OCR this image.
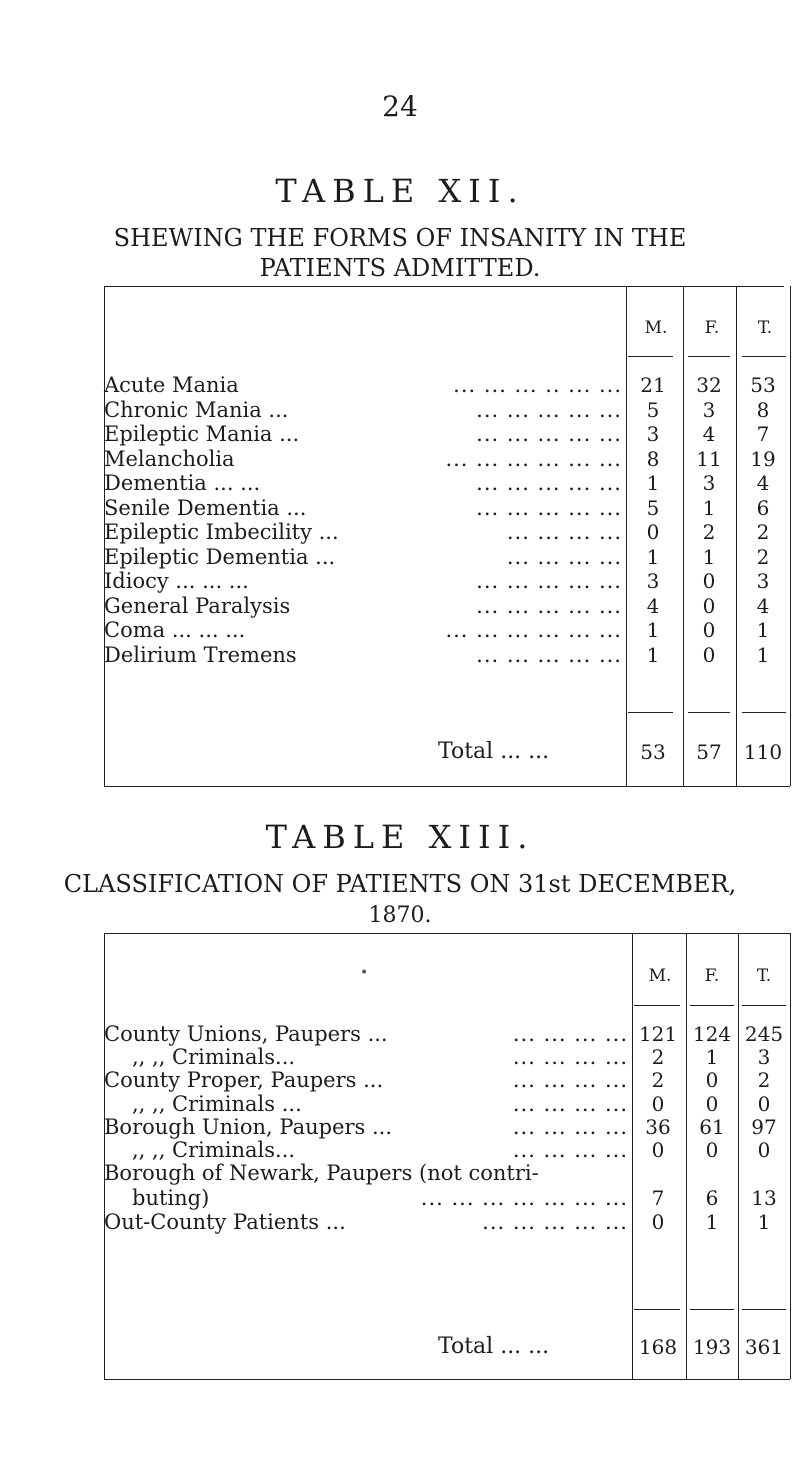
24
TABLE XII.
SHEWING THE FORMS OF INSANITY IN THE
PATIENTS ADMITTED.
M.	F.	T.
Acute Mania	... ... ... .. ... ... 21	32	53
Chronic Mania ...	... ... ... ... ...	5	3	8
Epileptic Mania ...	... ... ... ... ...	3	4	7
Melancholia	... ... ... ... ... ...	8	11	19
Dementia ... ...	... ... ... ... ...	1	3	4
Senile Dementia ...	... ... ... ... ...	5	1	6
Epileptic Imbecility ...	... ... ... ...	0	2	2
Epileptic Dementia ...	... ... ... ...	1	1	2
Idiocy ... ... ...	... ... ... ... ...	3	0	3
General Paralysis	... ... ... ... ...	4	0	4
Coma ... ... ...	... ... ... ... ... ...	1	0	1
Delirium Tremens	... ... ... ... ...	1	0	1
Total ... ...	53	57	110
TABLE XIII.
CLASSIFICATION OF PATIENTS ON 31st DECEMBER,
1870.
•	M.	F.	T.
County Unions, Paupers ...	... ... ... ... 121 124 245
,, ,, Criminals...	... ... ... ...	2	1	3
County Proper, Paupers ...	... ... ... ...	2	0	2
,, ,, Criminals ...	... ... ... ...	0	0	0
Borough Union, Paupers ...	... ... ... ... 36	61	97
,, ,, Criminals...	... ... ... ...	0	0	0
Borough of Newark, Paupers (not contri-
buting)	... ... ... ... ... ... ...	7	6	13
Out-County Patients ...	... ... ... ... ...	0	1	1
Total ... ...	168 193 361
